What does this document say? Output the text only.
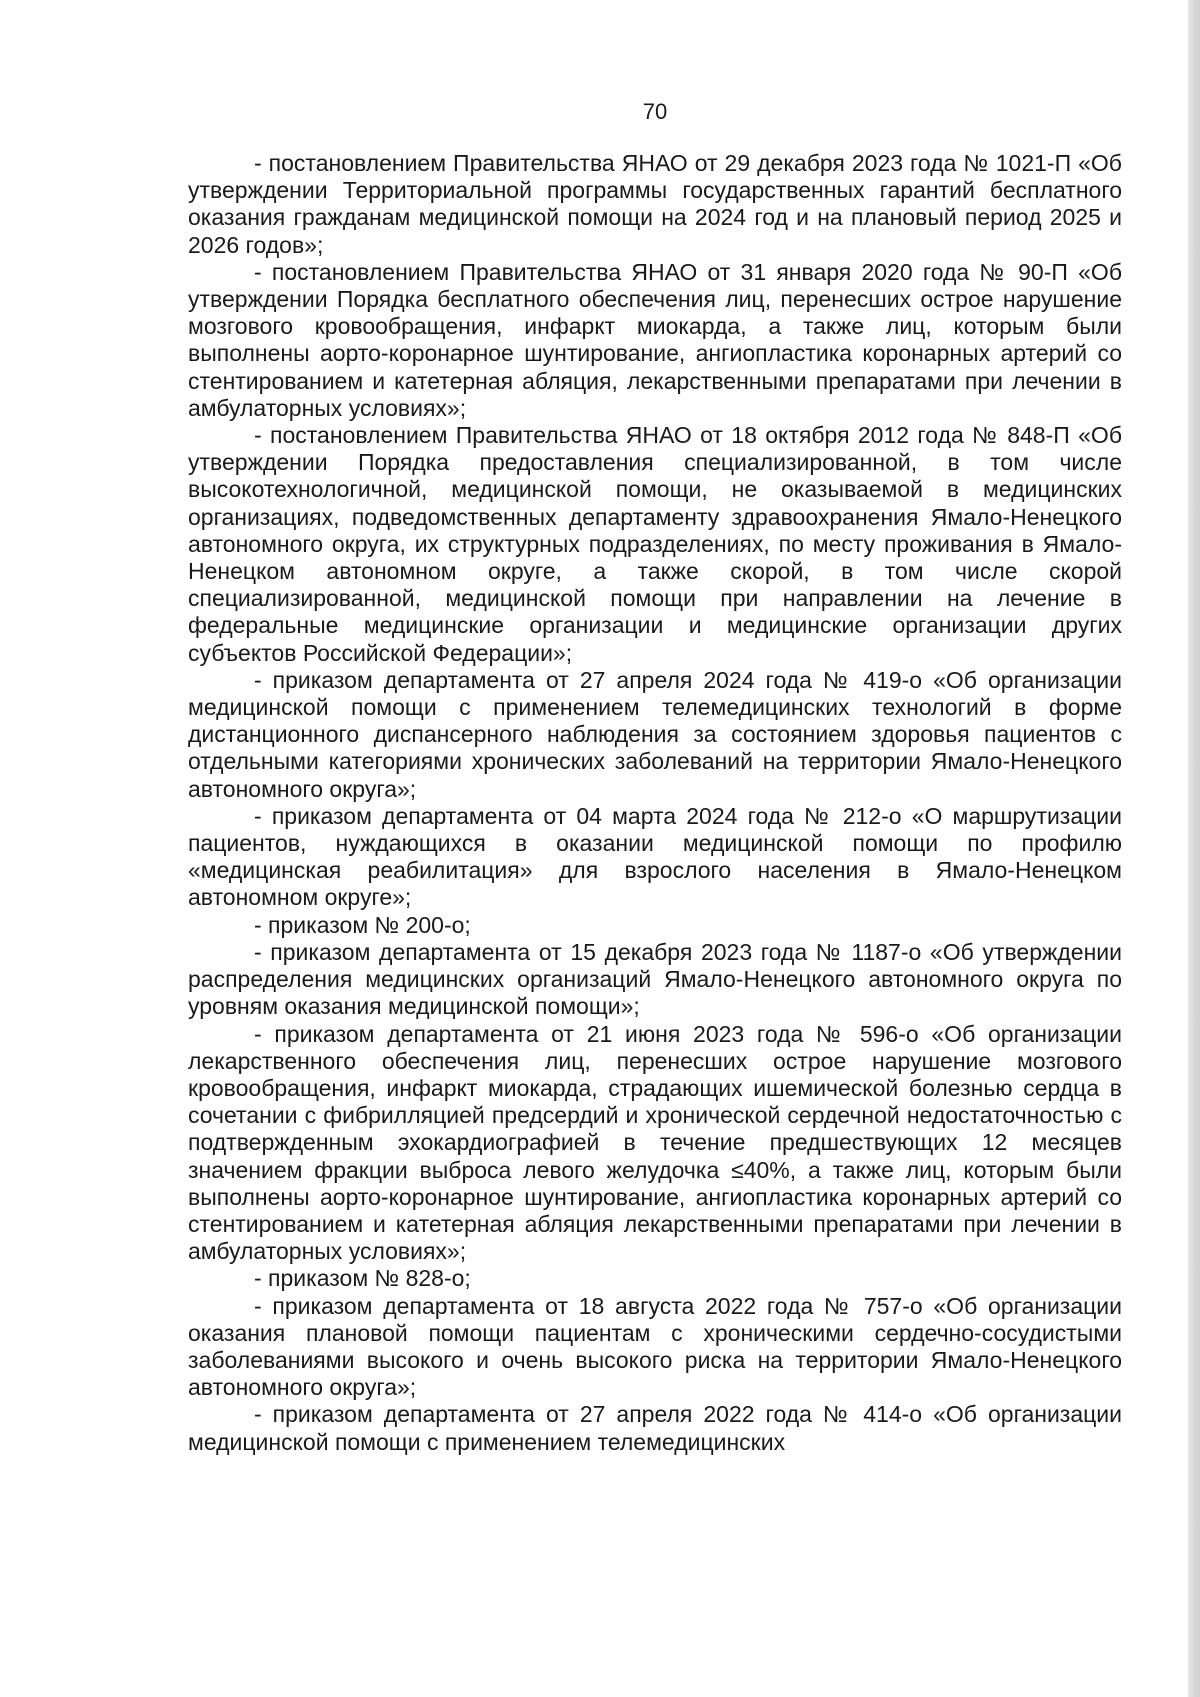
70

- постановлением Правительства ЯНАО от 29 декабря 2023 года № 1021-П «Об утверждении Территориальной программы государственных гарантий бесплатного оказания гражданам медицинской помощи на 2024 год и на плановый период 2025 и 2026 годов»;

- постановлением Правительства ЯНАО от 31 января 2020 года № 90-П «Об утверждении Порядка бесплатного обеспечения лиц, перенесших острое нарушение мозгового кровообращения, инфаркт миокарда, а также лиц, которым были выполнены аорто-коронарное шунтирование, ангиопластика коронарных артерий со стентированием и катетерная абляция, лекарственными препаратами при лечении в амбулаторных условиях»;

- постановлением Правительства ЯНАО от 18 октября 2012 года № 848-П «Об утверждении Порядка предоставления специализированной, в том числе высокотехнологичной, медицинской помощи, не оказываемой в медицинских организациях, подведомственных департаменту здравоохранения Ямало-Ненецкого автономного округа, их структурных подразделениях, по месту проживания в Ямало-Ненецком автономном округе, а также скорой, в том числе скорой специализированной, медицинской помощи при направлении на лечение в федеральные медицинские организации и медицинские организации других субъектов Российской Федерации»;

- приказом департамента от 27 апреля 2024 года № 419-о «Об организации медицинской помощи с применением телемедицинских технологий в форме дистанционного диспансерного наблюдения за состоянием здоровья пациентов с отдельными категориями хронических заболеваний на территории Ямало-Ненецкого автономного округа»;

- приказом департамента от 04 марта 2024 года № 212-о «О маршрутизации пациентов, нуждающихся в оказании медицинской помощи по профилю «медицинская реабилитация» для взрослого населения в Ямало-Ненецком автономном округе»;

- приказом № 200-о;

- приказом департамента от 15 декабря 2023 года № 1187-о «Об утверждении распределения медицинских организаций Ямало-Ненецкого автономного округа по уровням оказания медицинской помощи»;

- приказом департамента от 21 июня 2023 года № 596-о «Об организации лекарственного обеспечения лиц, перенесших острое нарушение мозгового кровообращения, инфаркт миокарда, страдающих ишемической болезнью сердца в сочетании с фибрилляцией предсердий и хронической сердечной недостаточностью с подтвержденным эхокардиографией в течение предшествующих 12 месяцев значением фракции выброса левого желудочка ≤40%, а также лиц, которым были выполнены аорто-коронарное шунтирование, ангиопластика коронарных артерий со стентированием и катетерная абляция лекарственными препаратами при лечении в амбулаторных условиях»;

- приказом № 828-о;

- приказом департамента от 18 августа 2022 года № 757-о «Об организации оказания плановой помощи пациентам с хроническими сердечно-сосудистыми заболеваниями высокого и очень высокого риска на территории Ямало-Ненецкого автономного округа»;

- приказом департамента от 27 апреля 2022 года № 414-о «Об организации медицинской помощи с применением телемедицинских
